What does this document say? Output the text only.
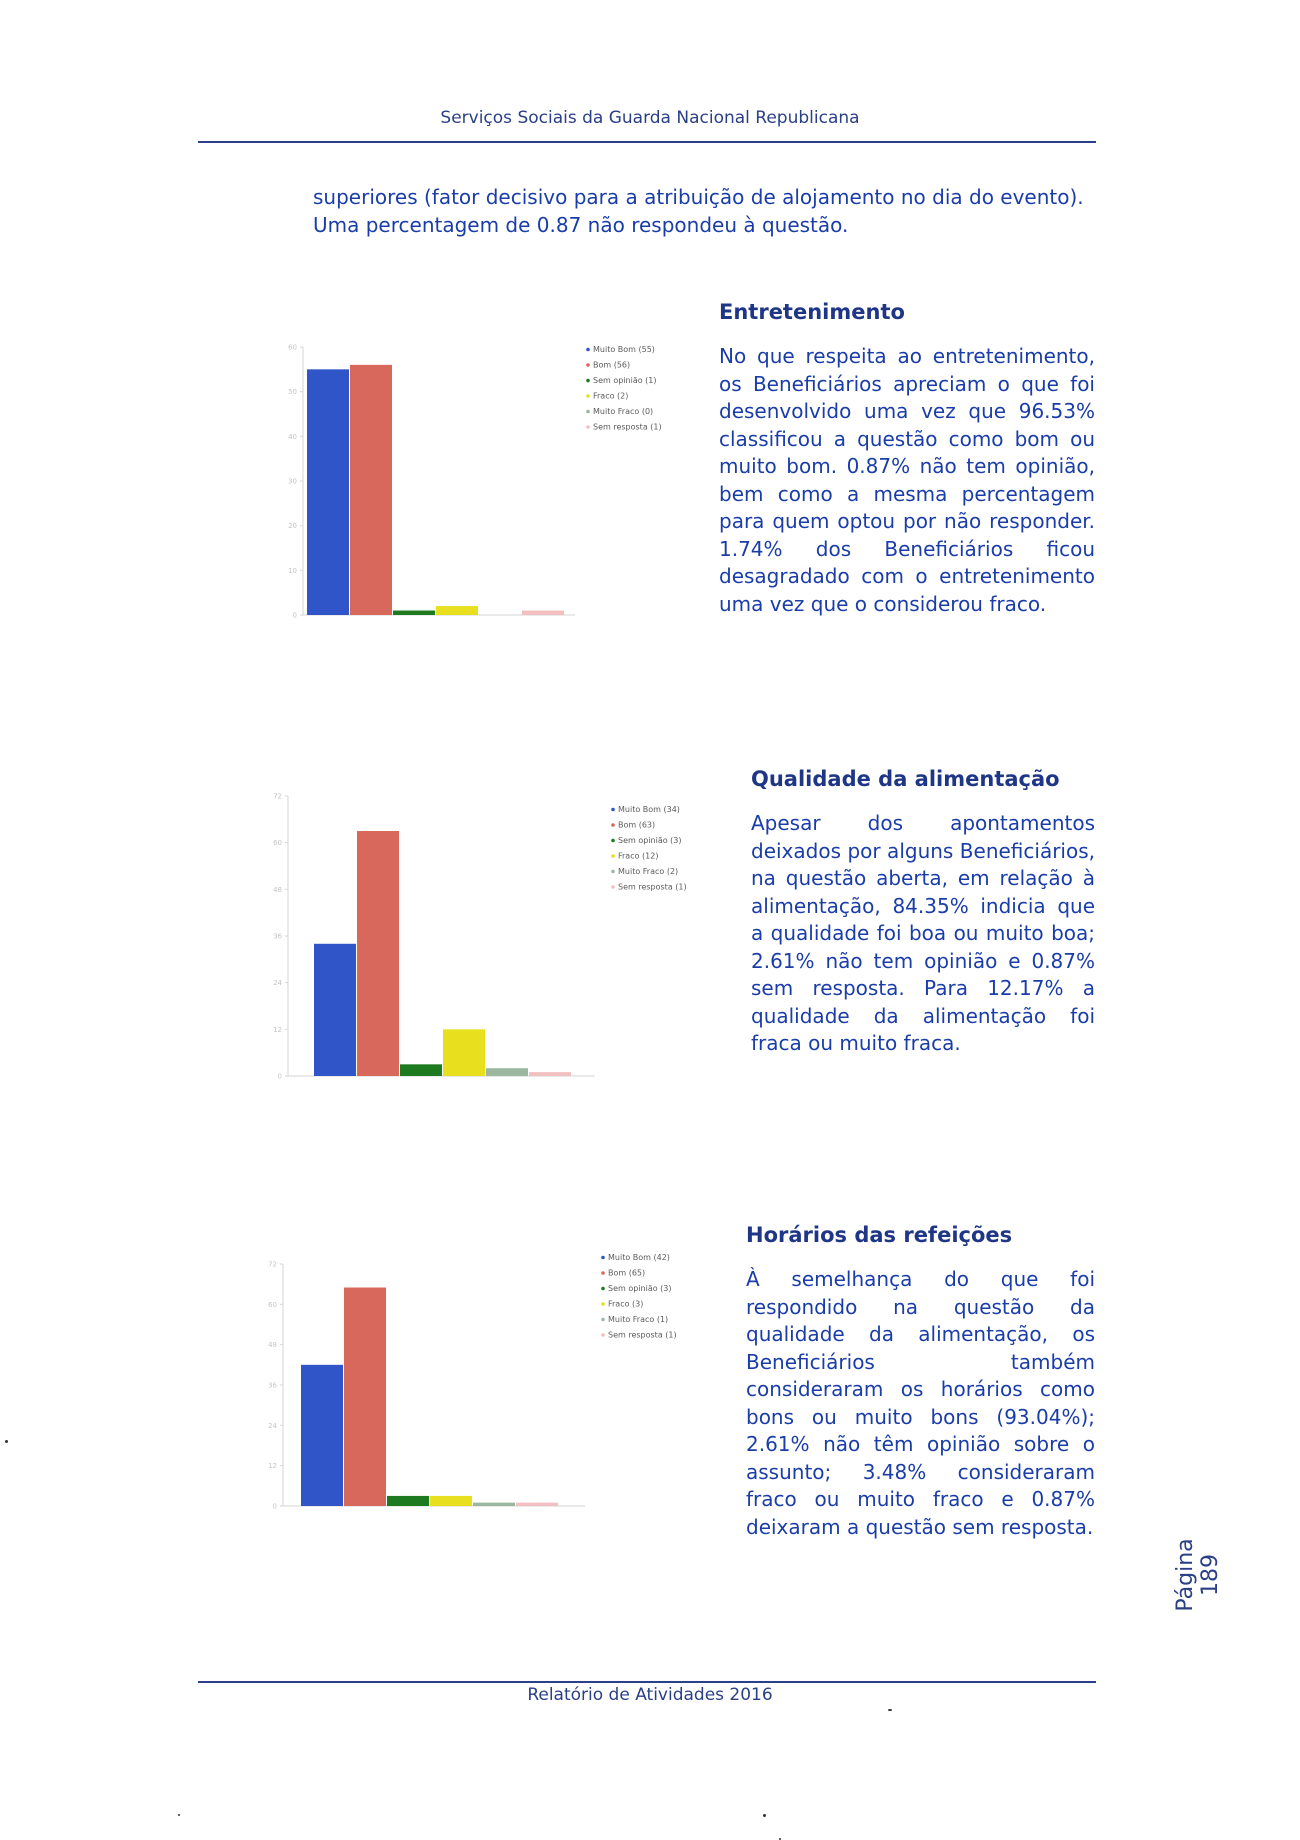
Serviços Sociais da Guarda Nacional Republicana
superiores (fator decisivo para a atribuição de alojamento no dia do evento). Uma percentagem de 0.87 não respondeu à questão.
0
10
20
30
40
50
60	Muito Bom (55)
Bom (56)
Sem opinião (1)
Fraco (2)
Muito Fraco (0)
Sem resposta (1)
Entretenimento
No que respeita ao entretenimento, os Beneficiários apreciam o que foi desenvolvido uma vez que 96.53% classificou a questão como bom ou muito bom. 0.87% não tem opinião, bem como a mesma percentagem para quem optou por não responder. 1.74% dos Beneficiários ficou desagradado com o entretenimento uma vez que o considerou fraco.
0
12
24
36
48
60
72
Muito Bom (34)
Bom (63)
Sem opinião (3)
Fraco (12)
Muito Fraco (2)
Sem resposta (1)
Qualidade da alimentação
Apesar dos apontamentos deixados por alguns Beneficiários, na questão aberta, em relação à alimentação, 84.35% indicia que a qualidade foi boa ou muito boa; 2.61% não tem opinião e 0.87% sem resposta. Para 12.17% a qualidade da alimentação foi fraca ou muito fraca.
0
12
24
36
48
60
72
Muito Bom (42)
Bom (65)
Sem opinião (3)
Fraco (3)
Muito Fraco (1)
Sem resposta (1)
Horários das refeições
À semelhança do que foi respondido na questão da qualidade da alimentação, os Beneficiários também consideraram os horários como bons ou muito bons (93.04%); 2.61% não têm opinião sobre o assunto; 3.48% consideraram fraco ou muito fraco e 0.87% deixaram a questão sem resposta.
Página 189
Relatório de Atividades 2016
